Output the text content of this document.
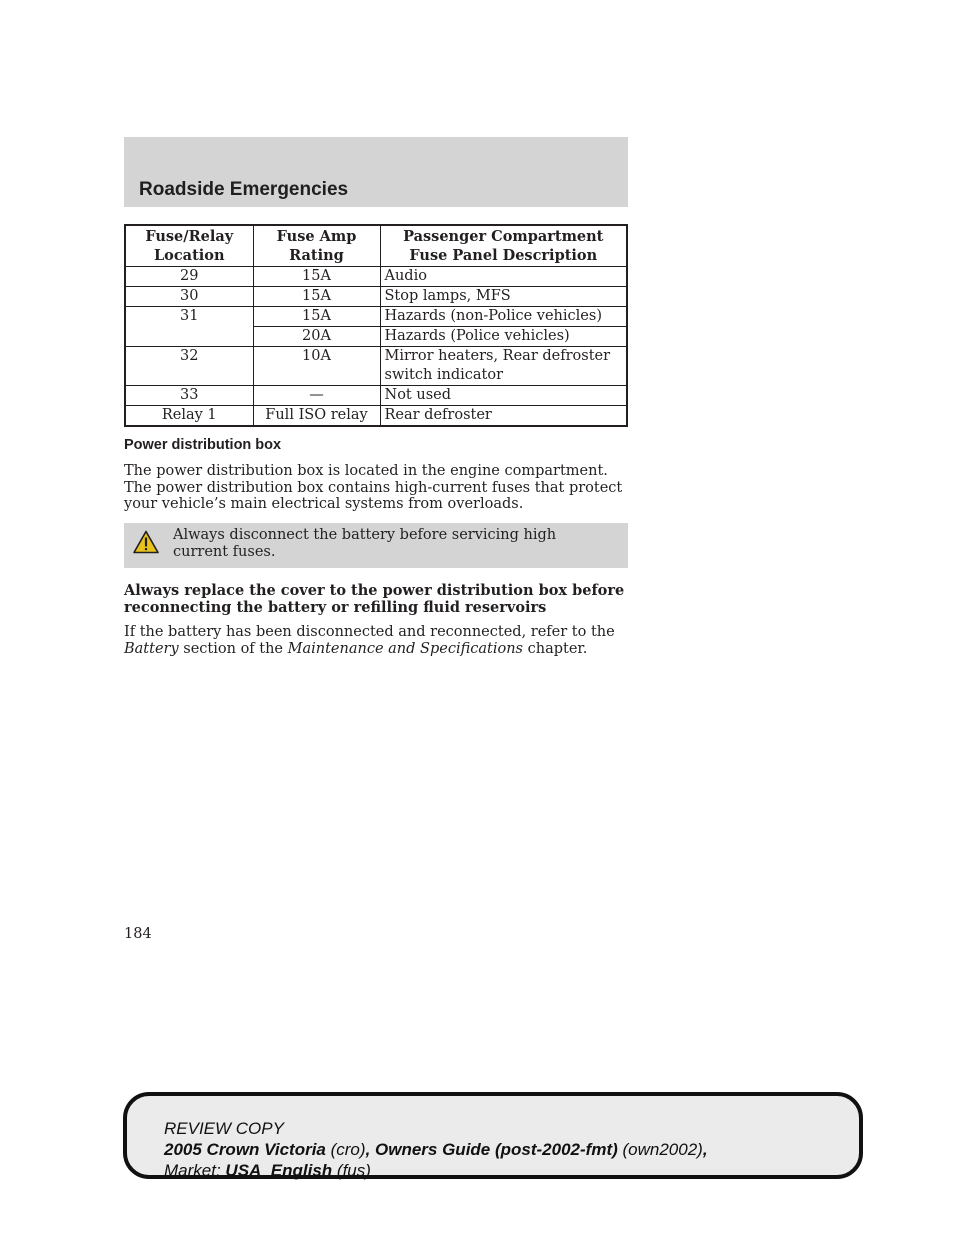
Roadside Emergencies
Fuse/Relay Location	Fuse Amp Rating	Passenger Compartment Fuse Panel Description
29	15A	Audio
30	15A	Stop lamps, MFS
31	15A	Hazards (non-Police vehicles)
	20A	Hazards (Police vehicles)
32	10A	Mirror heaters, Rear defroster switch indicator
33	—	Not used
Relay 1	Full ISO relay	Rear defroster
Power distribution box

The power distribution box is located in the engine compartment. The power distribution box contains high-current fuses that protect your vehicle’s main electrical systems from overloads.

Always disconnect the battery before servicing high current fuses.

Always replace the cover to the power distribution box before reconnecting the battery or refilling fluid reservoirs

If the battery has been disconnected and reconnected, refer to the Battery section of the Maintenance and Specifications chapter.

184

REVIEW COPY
2005 Crown Victoria (cro), Owners Guide (post-2002-fmt) (own2002),
Market: USA_English (fus)
